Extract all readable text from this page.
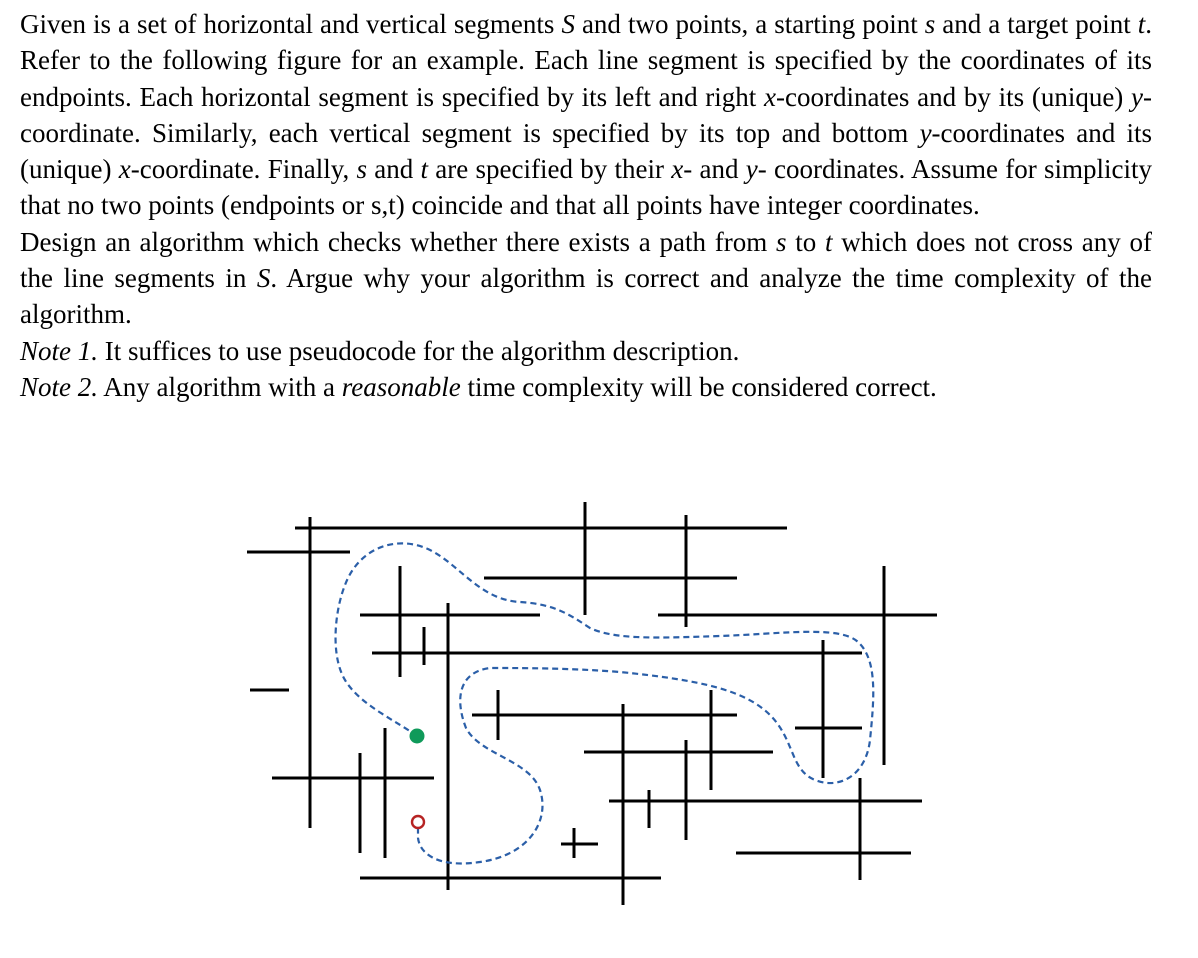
Given is a set of horizontal and vertical segments S and two points, a starting point s and a target point t. Refer to the following figure for an example. Each line segment is specified by the coordinates of its endpoints. Each horizontal segment is specified by its left and right x-coordinates and by its (unique) y-coordinate. Similarly, each vertical segment is specified by its top and bottom y-coordinates and its (unique) x-coordinate. Finally, s and t are specified by their x- and y- coordinates. Assume for simplicity that no two points (endpoints or s,t) coincide and that all points have integer coordinates.

Design an algorithm which checks whether there exists a path from s to t which does not cross any of the line segments in S. Argue why your algorithm is correct and analyze the time complexity of the algorithm.

Note 1. It suffices to use pseudocode for the algorithm description.

Note 2. Any algorithm with a reasonable time complexity will be considered correct.
